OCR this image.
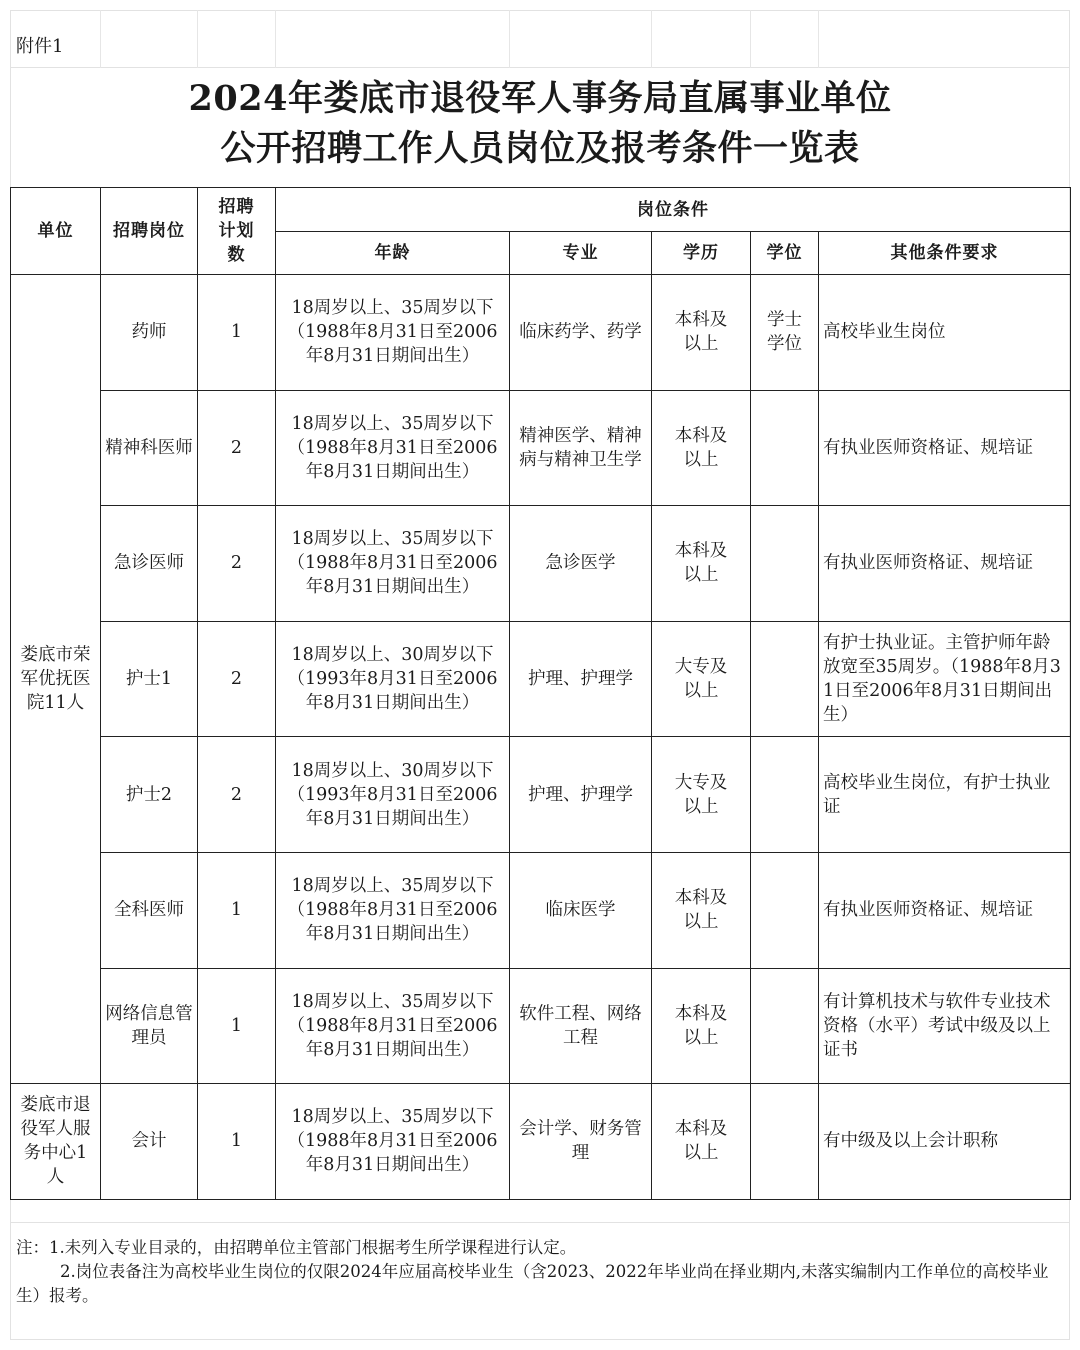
附件1
2024年娄底市退役军人事务局直属事业单位
公开招聘工作人员岗位及报考条件一览表
单位	招聘岗位	招聘计划数	岗位条件				
			年龄	专业	学历	学位	其他条件要求
娄底市荣军优抚医院11人	药师	1	18周岁以上、35周岁以下（1988年8月31日至2006年8月31日期间出生）	临床药学、药学	本科及以上	学士学位	高校毕业生岗位
	精神科医师	2	18周岁以上、35周岁以下（1988年8月31日至2006年8月31日期间出生）	精神医学、精神病与精神卫生学	本科及以上		有执业医师资格证、规培证
	急诊医师	2	18周岁以上、35周岁以下（1988年8月31日至2006年8月31日期间出生）	急诊医学	本科及以上		有执业医师资格证、规培证
	护士1	2	18周岁以上、30周岁以下（1993年8月31日至2006年8月31日期间出生）	护理、护理学	大专及以上		有护士执业证。主管护师年龄放宽至35周岁。（1988年8月31日至2006年8月31日期间出生）
	护士2	2	18周岁以上、30周岁以下（1993年8月31日至2006年8月31日期间出生）	护理、护理学	大专及以上		高校毕业生岗位，有护士执业证
	全科医师	1	18周岁以上、35周岁以下（1988年8月31日至2006年8月31日期间出生）	临床医学	本科及以上		有执业医师资格证、规培证
	网络信息管理员	1	18周岁以上、35周岁以下（1988年8月31日至2006年8月31日期间出生）	软件工程、网络工程	本科及以上		有计算机技术与软件专业技术资格（水平）考试中级及以上证书
娄底市退役军人服务中心1人	会计	1	18周岁以上、35周岁以下（1988年8月31日至2006年8月31日期间出生）	会计学、财务管理	本科及以上		有中级及以上会计职称
注：1.未列入专业目录的，由招聘单位主管部门根据考生所学课程进行认定。
2.岗位表备注为高校毕业生岗位的仅限2024年应届高校毕业生（含2023、2022年毕业尚在择业期内,未落实编制内工作单位的高校毕业生）报考。
